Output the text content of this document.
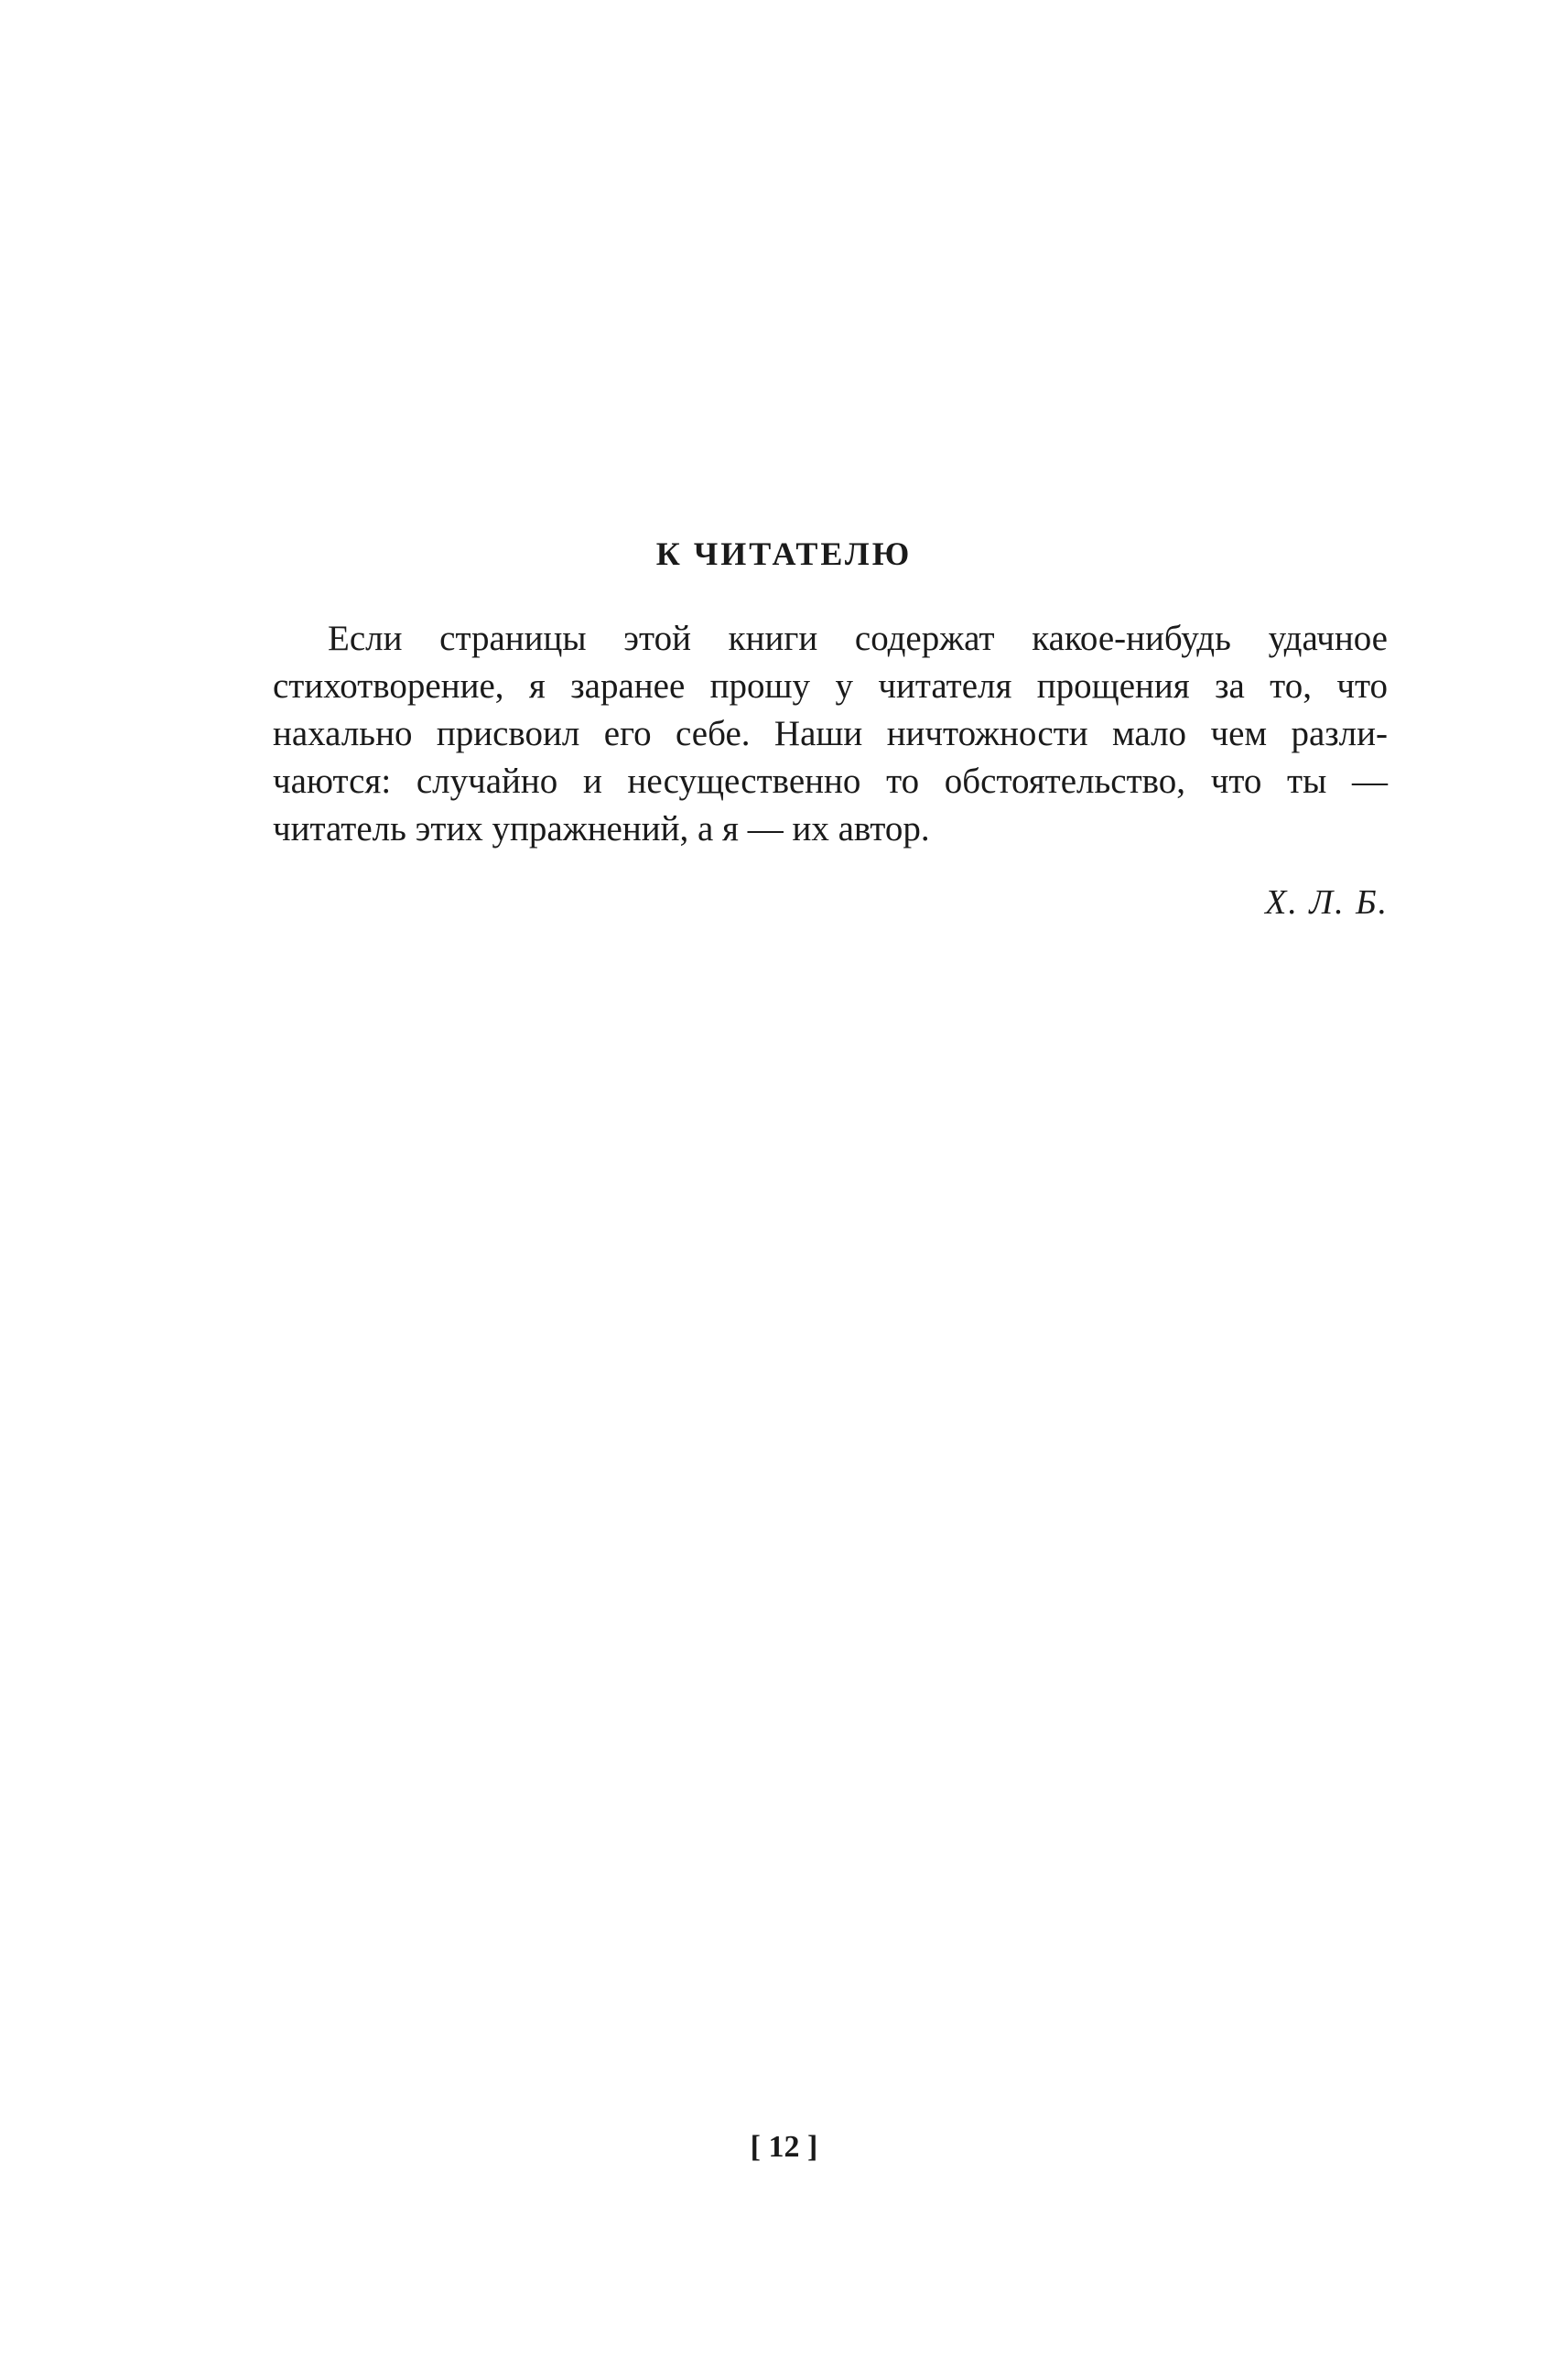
К ЧИТАТЕЛЮ
Если страницы этой книги содержат какое-нибудь удачное
стихотворение, я заранее прошу у читателя прощения за то, что
нахально присвоил его себе. Наши ничтожности мало чем разли-
чаются: случайно и несущественно то обстоятельство, что ты —
читатель этих упражнений, а я — их автор.
Х. Л. Б.
[ 12 ]
